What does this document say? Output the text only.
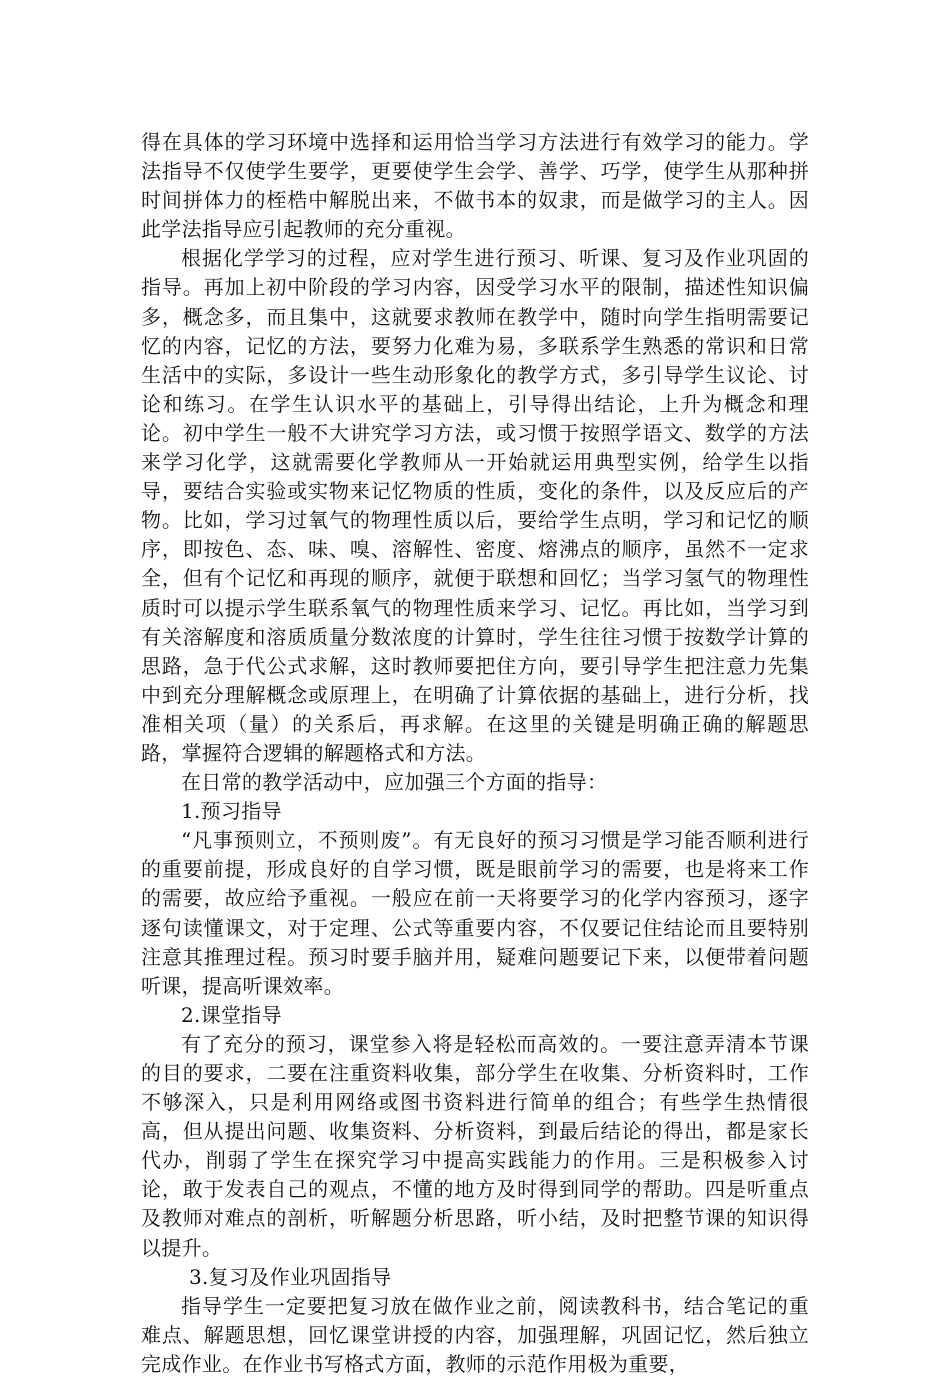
得在具体的学习环境中选择和运用恰当学习方法进行有效学习的能力。学法指导不仅使学生要学，更要使学生会学、善学、巧学，使学生从那种拼时间拼体力的桎梏中解脱出来，不做书本的奴隶，而是做学习的主人。因此学法指导应引起教师的充分重视。

根据化学学习的过程，应对学生进行预习、听课、复习及作业巩固的指导。再加上初中阶段的学习内容，因受学习水平的限制，描述性知识偏多，概念多，而且集中，这就要求教师在教学中，随时向学生指明需要记忆的内容，记忆的方法，要努力化难为易，多联系学生熟悉的常识和日常生活中的实际，多设计一些生动形象化的教学方式，多引导学生议论、讨论和练习。在学生认识水平的基础上，引导得出结论，上升为概念和理论。初中学生一般不大讲究学习方法，或习惯于按照学语文、数学的方法来学习化学，这就需要化学教师从一开始就运用典型实例，给学生以指导，要结合实验或实物来记忆物质的性质，变化的条件，以及反应后的产物。比如，学习过氧气的物理性质以后，要给学生点明，学习和记忆的顺序，即按色、态、味、嗅、溶解性、密度、熔沸点的顺序，虽然不一定求全，但有个记忆和再现的顺序，就便于联想和回忆；当学习氢气的物理性质时可以提示学生联系氧气的物理性质来学习、记忆。再比如，当学习到有关溶解度和溶质质量分数浓度的计算时，学生往往习惯于按数学计算的思路，急于代公式求解，这时教师要把住方向，要引导学生把注意力先集中到充分理解概念或原理上，在明确了计算依据的基础上，进行分析，找准相关项（量）的关系后，再求解。在这里的关键是明确正确的解题思路，掌握符合逻辑的解题格式和方法。

在日常的教学活动中，应加强三个方面的指导：

1.预习指导

“凡事预则立，不预则废”。有无良好的预习习惯是学习能否顺利进行的重要前提，形成良好的自学习惯，既是眼前学习的需要，也是将来工作的需要，故应给予重视。一般应在前一天将要学习的化学内容预习，逐字逐句读懂课文，对于定理、公式等重要内容，不仅要记住结论而且要特别注意其推理过程。预习时要手脑并用，疑难问题要记下来，以便带着问题听课，提高听课效率。

2.课堂指导

有了充分的预习，课堂参入将是轻松而高效的。一要注意弄清本节课的目的要求，二要在注重资料收集，部分学生在收集、分析资料时，工作不够深入，只是利用网络或图书资料进行简单的组合；有些学生热情很高，但从提出问题、收集资料、分析资料，到最后结论的得出，都是家长代办，削弱了学生在探究学习中提高实践能力的作用。三是积极参入讨论，敢于发表自己的观点，不懂的地方及时得到同学的帮助。四是听重点及教师对难点的剖析，听解题分析思路，听小结，及时把整节课的知识得以提升。

3.复习及作业巩固指导

指导学生一定要把复习放在做作业之前，阅读教科书，结合笔记的重难点、解题思想，回忆课堂讲授的内容，加强理解，巩固记忆，然后独立完成作业。在作业书写格式方面，教师的示范作用极为重要，
